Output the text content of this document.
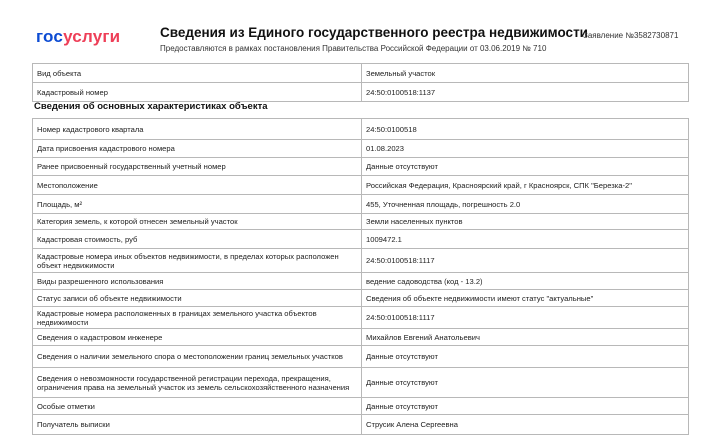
госуслуги	Сведения из Единого государственного реестра недвижимости
Предоставляются в рамках постановления Правительства Российской Федерации от 03.06.2019 № 710
Заявление №3582730871
Вид объекта	Земельный участок
Кадастровый номер	24:50:0100518:1137
Сведения об основных характеристиках объекта
Номер кадастрового квартала	24:50:0100518
Дата присвоения кадастрового номера	01.08.2023
Ранее присвоенный государственный учетный номер	Данные отсутствуют
Местоположение	Российская Федерация, Красноярский край, г Красноярск, СПК "Березка-2"
Площадь, м²	455, Уточненная площадь, погрешность 2.0
Категория земель, к которой отнесен земельный участок	Земли населенных пунктов
Кадастровая стоимость, руб	1009472.1
Кадастровые номера иных объектов недвижимости, в пределах которых расположен объект недвижимости	24:50:0100518:1117
Виды разрешенного использования	ведение садоводства (код - 13.2)
Статус записи об объекте недвижимости	Сведения об объекте недвижимости имеют статус "актуальные"
Кадастровые номера расположенных в границах земельного участка объектов недвижимости	24:50:0100518:1117
Сведения о кадастровом инженере	Михайлов Евгений Анатольевич
Сведения о наличии земельного спора о местоположении границ земельных участков	Данные отсутствуют
Сведения о невозможности государственной регистрации перехода, прекращения, ограничения права на земельный участок из земель сельскохозяйственного назначения	Данные отсутствуют
Особые отметки	Данные отсутствуют
Получатель выписки	Струсик Алена Сергеевна
